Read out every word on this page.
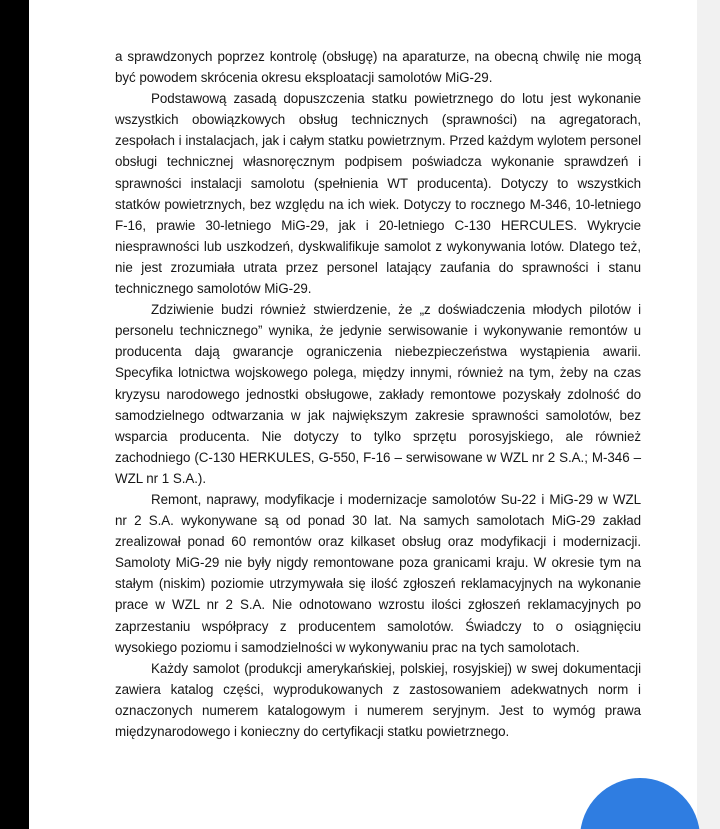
a sprawdzonych poprzez kontrolę (obsługę) na aparaturze, na obecną chwilę nie mogą być powodem skrócenia okresu eksploatacji samolotów MiG-29.

Podstawową zasadą dopuszczenia statku powietrznego do lotu jest wykonanie wszystkich obowiązkowych obsług technicznych (sprawności) na agregatorach, zespołach i instalacjach, jak i całym statku powietrznym. Przed każdym wylotem personel obsługi technicznej własnoręcznym podpisem poświadcza wykonanie sprawdzeń i sprawności instalacji samolotu (spełnienia WT producenta). Dotyczy to wszystkich statków powietrznych, bez względu na ich wiek. Dotyczy to rocznego M-346, 10-letniego F-16, prawie 30-letniego MiG-29, jak i 20-letniego C-130 HERCULES. Wykrycie niesprawności lub uszkodzeń, dyskwalifikuje samolot z wykonywania lotów. Dlatego też, nie jest zrozumiała utrata przez personel latający zaufania do sprawności i stanu technicznego samolotów MiG-29.

Zdziwienie budzi również stwierdzenie, że „z doświadczenia młodych pilotów i personelu technicznego” wynika, że jedynie serwisowanie i wykonywanie remontów u producenta dają gwarancje ograniczenia niebezpieczeństwa wystąpienia awarii. Specyfika lotnictwa wojskowego polega, między innymi, również na tym, żeby na czas kryzysu narodowego jednostki obsługowe, zakłady remontowe pozyskały zdolność do samodzielnego odtwarzania w jak największym zakresie sprawności samolotów, bez wsparcia producenta. Nie dotyczy to tylko sprzętu porosyjskiego, ale również zachodniego (C-130 HERKULES, G-550, F-16 – serwisowane w WZL nr 2 S.A.; M-346 – WZL nr 1 S.A.).

Remont, naprawy, modyfikacje i modernizacje samolotów Su-22 i MiG-29 w WZL nr 2 S.A. wykonywane są od ponad 30 lat. Na samych samolotach MiG-29 zakład zrealizował ponad 60 remontów oraz kilkaset obsług oraz modyfikacji i modernizacji. Samoloty MiG-29 nie były nigdy remontowane poza granicami kraju. W okresie tym na stałym (niskim) poziomie utrzymywała się ilość zgłoszeń reklamacyjnych na wykonanie prace w WZL nr 2 S.A. Nie odnotowano wzrostu ilości zgłoszeń reklamacyjnych po zaprzestaniu współpracy z producentem samolotów. Świadczy to o osiągnięciu wysokiego poziomu i samodzielności w wykonywaniu prac na tych samolotach.

Każdy samolot (produkcji amerykańskiej, polskiej, rosyjskiej) w swej dokumentacji zawiera katalog części, wyprodukowanych z zastosowaniem adekwatnych norm i oznaczonych numerem katalogowym i numerem seryjnym. Jest to wymóg prawa międzynarodowego i konieczny do certyfikacji statku powietrznego.
